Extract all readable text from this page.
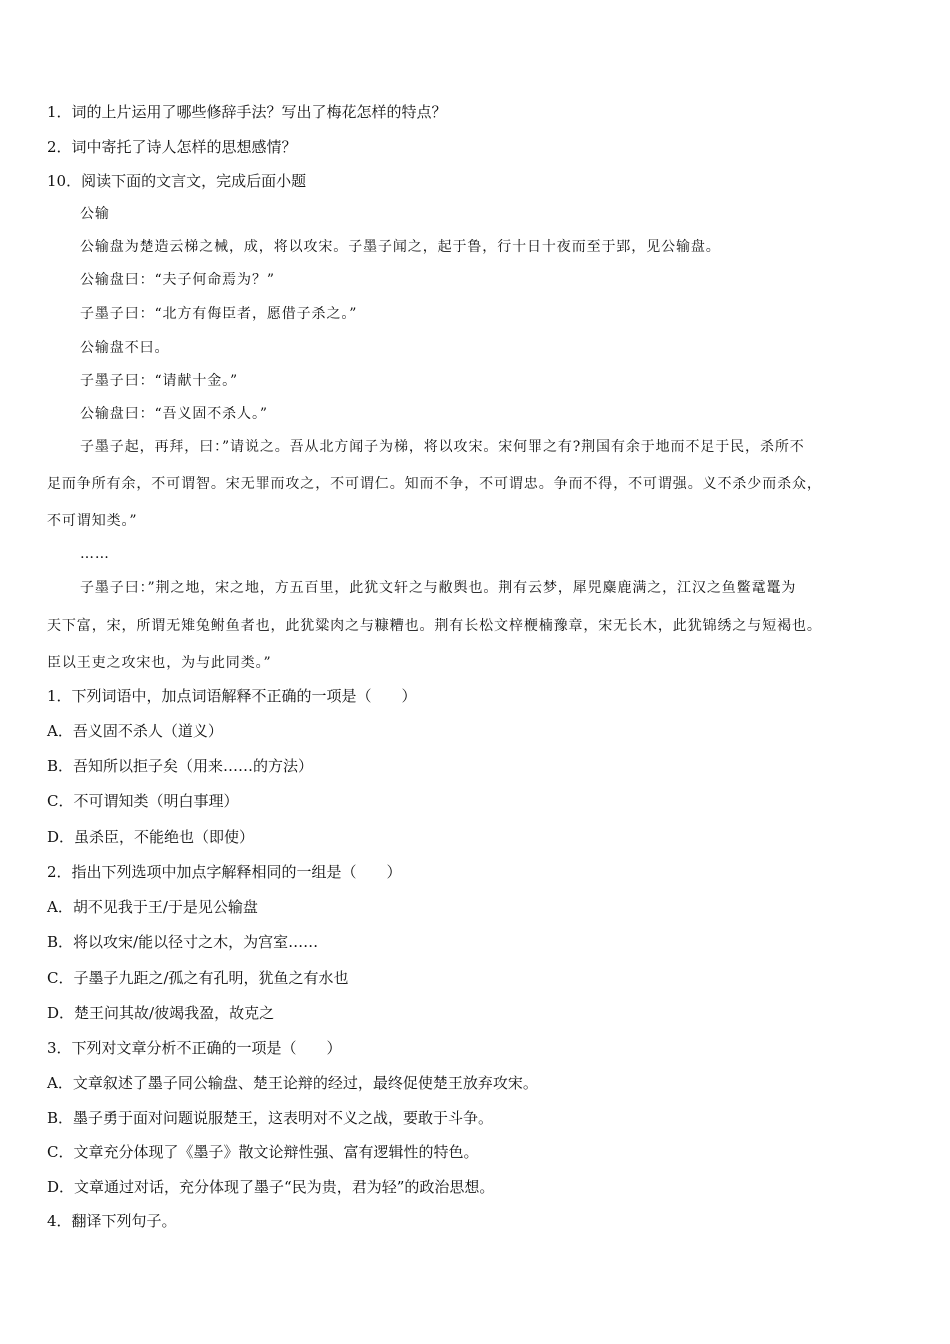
1．词的上片运用了哪些修辞手法？写出了梅花怎样的特点？
2．词中寄托了诗人怎样的思想感情？
10．阅读下面的文言文，完成后面小题
公输
公输盘为楚造云梯之械，成，将以攻宋。子墨子闻之，起于鲁，行十日十夜而至于郢，见公输盘。
公输盘曰：“夫子何命焉为？”
子墨子曰：“北方有侮臣者，愿借子杀之。”
公输盘不曰。
子墨子曰：“请献十金。”
公输盘曰：“吾义固不杀人。”
子墨子起，再拜，曰：”请说之。吾从北方闻子为梯，将以攻宋。宋何罪之有?荆国有余于地而不足于民，杀所不
足而争所有余，不可谓智。宋无罪而攻之，不可谓仁。知而不争，不可谓忠。争而不得，不可谓强。义不杀少而杀众，
不可谓知类。”
……
子墨子曰：”荆之地，宋之地，方五百里，此犹文轩之与敝舆也。荆有云梦，犀兕麋鹿满之，江汉之鱼鳖鼋鼍为
天下富，宋，所谓无雉兔鲋鱼者也，此犹粱肉之与糠糟也。荆有长松文梓楩楠豫章，宋无长木，此犹锦绣之与短褐也。
臣以王吏之攻宋也，为与此同类。”
1．下列词语中，加点词语解释不正确的一项是（　　）
A．吾义固不杀人（道义）
B．吾知所以拒子矣（用来……的方法）
C．不可谓知类（明白事理）
D．虽杀臣，不能绝也（即使）
2．指出下列选项中加点字解释相同的一组是（　　）
A．胡不见我于王/于是见公输盘
B．将以攻宋/能以径寸之木，为宫室……
C．子墨子九距之/孤之有孔明，犹鱼之有水也
D．楚王问其故/彼竭我盈，故克之
3．下列对文章分析不正确的一项是（　　）
A．文章叙述了墨子同公输盘、楚王论辩的经过，最终促使楚王放弃攻宋。
B．墨子勇于面对问题说服楚王，这表明对不义之战，要敢于斗争。
C．文章充分体现了《墨子》散文论辩性强、富有逻辑性的特色。
D．文章通过对话，充分体现了墨子“民为贵，君为轻”的政治思想。
4．翻译下列句子。
